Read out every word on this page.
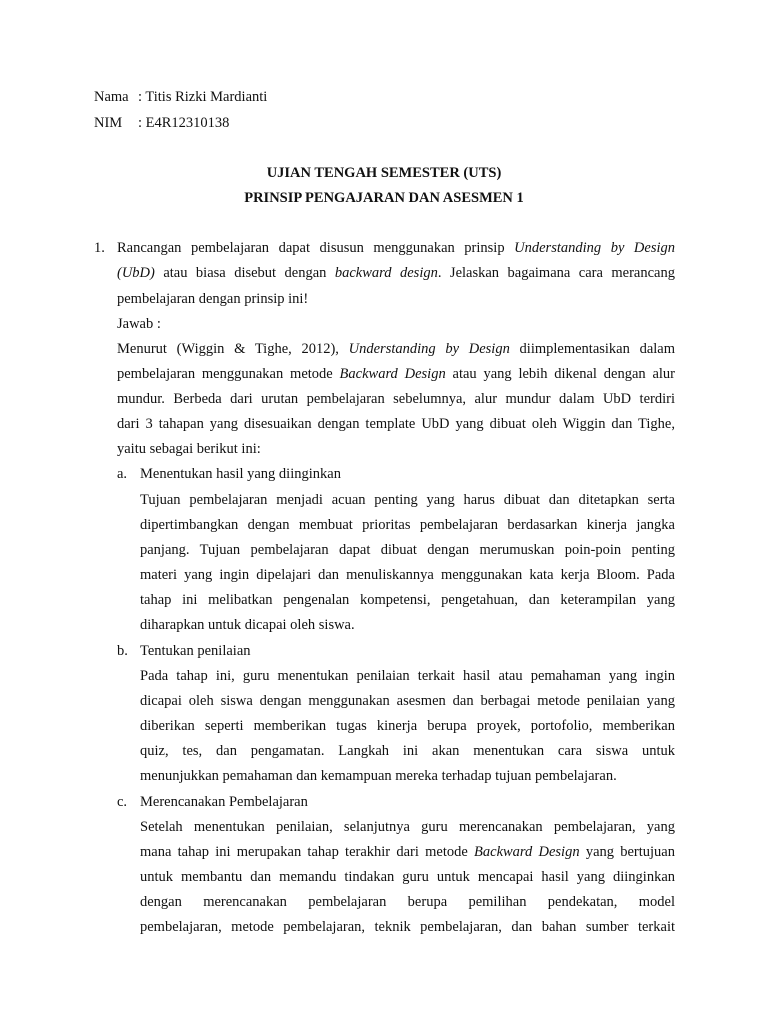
Nama : Titis Rizki Mardianti
NIM : E4R12310138
UJIAN TENGAH SEMESTER (UTS)
PRINSIP PENGAJARAN DAN ASESMEN 1
1. Rancangan pembelajaran dapat disusun menggunakan prinsip Understanding by Design
(UbD) atau biasa disebut dengan backward design. Jelaskan bagaimana cara merancang
pembelajaran dengan prinsip ini!
Jawab :
Menurut (Wiggin & Tighe, 2012), Understanding by Design diimplementasikan dalam
pembelajaran menggunakan metode Backward Design atau yang lebih dikenal dengan alur
mundur. Berbeda dari urutan pembelajaran sebelumnya, alur mundur dalam UbD terdiri
dari 3 tahapan yang disesuaikan dengan template UbD yang dibuat oleh Wiggin dan Tighe,
yaitu sebagai berikut ini:
a. Menentukan hasil yang diinginkan
Tujuan pembelajaran menjadi acuan penting yang harus dibuat dan ditetapkan serta
dipertimbangkan dengan membuat prioritas pembelajaran berdasarkan kinerja jangka
panjang. Tujuan pembelajaran dapat dibuat dengan merumuskan poin-poin penting
materi yang ingin dipelajari dan menuliskannya menggunakan kata kerja Bloom. Pada
tahap ini melibatkan pengenalan kompetensi, pengetahuan, dan keterampilan yang
diharapkan untuk dicapai oleh siswa.
b. Tentukan penilaian
Pada tahap ini, guru menentukan penilaian terkait hasil atau pemahaman yang ingin
dicapai oleh siswa dengan menggunakan asesmen dan berbagai metode penilaian yang
diberikan seperti memberikan tugas kinerja berupa proyek, portofolio, memberikan
quiz, tes, dan pengamatan. Langkah ini akan menentukan cara siswa untuk
menunjukkan pemahaman dan kemampuan mereka terhadap tujuan pembelajaran.
c. Merencanakan Pembelajaran
Setelah menentukan penilaian, selanjutnya guru merencanakan pembelajaran, yang
mana tahap ini merupakan tahap terakhir dari metode Backward Design yang bertujuan
untuk membantu dan memandu tindakan guru untuk mencapai hasil yang diinginkan
dengan merencanakan pembelajaran berupa pemilihan pendekatan, model
pembelajaran, metode pembelajaran, teknik pembelajaran, dan bahan sumber terkait
